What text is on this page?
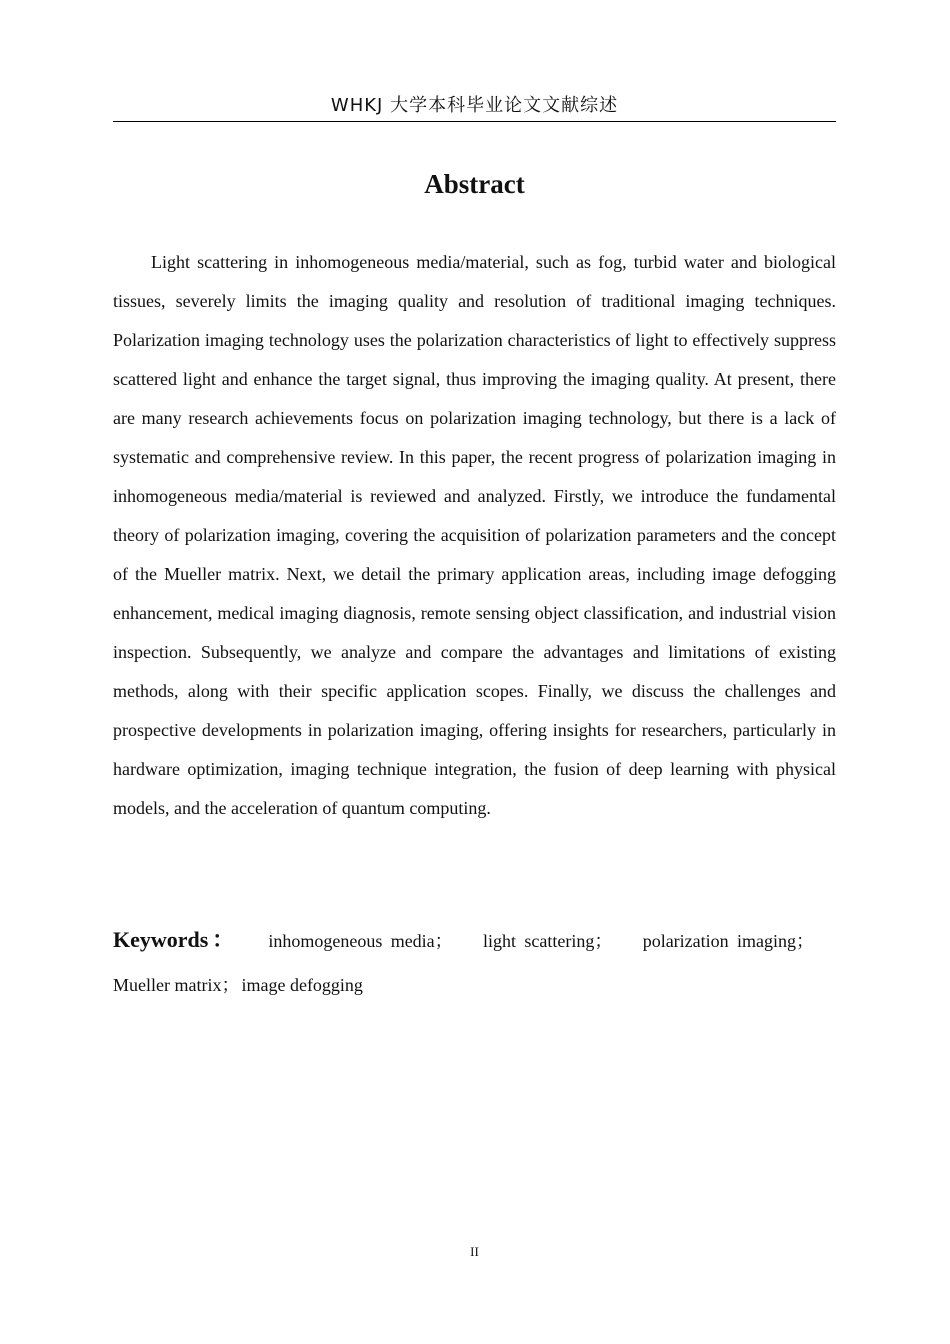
WHKJ 大学本科毕业论文文献综述
Abstract

Light scattering in inhomogeneous media/material, such as fog, turbid water and biological tissues, severely limits the imaging quality and resolution of traditional imaging techniques. Polarization imaging technology uses the polarization characteristics of light to effectively suppress scattered light and enhance the target signal, thus improving the imaging quality. At present, there are many research achievements focus on polarization imaging technology, but there is a lack of systematic and comprehensive review. In this paper, the recent progress of polarization imaging in inhomogeneous media/material is reviewed and analyzed. Firstly, we introduce the fundamental theory of polarization imaging, covering the acquisition of polarization parameters and the concept of the Mueller matrix. Next, we detail the primary application areas, including image defogging enhancement, medical imaging diagnosis, remote sensing object classification, and industrial vision inspection. Subsequently, we analyze and compare the advantages and limitations of existing methods, along with their specific application scopes. Finally, we discuss the challenges and prospective developments in polarization imaging, offering insights for researchers, particularly in hardware optimization, imaging technique integration, the fusion of deep learning with physical models, and the acceleration of quantum computing.

Keywords： inhomogeneous media； light scattering； polarization imaging； Mueller matrix； image defogging

II
